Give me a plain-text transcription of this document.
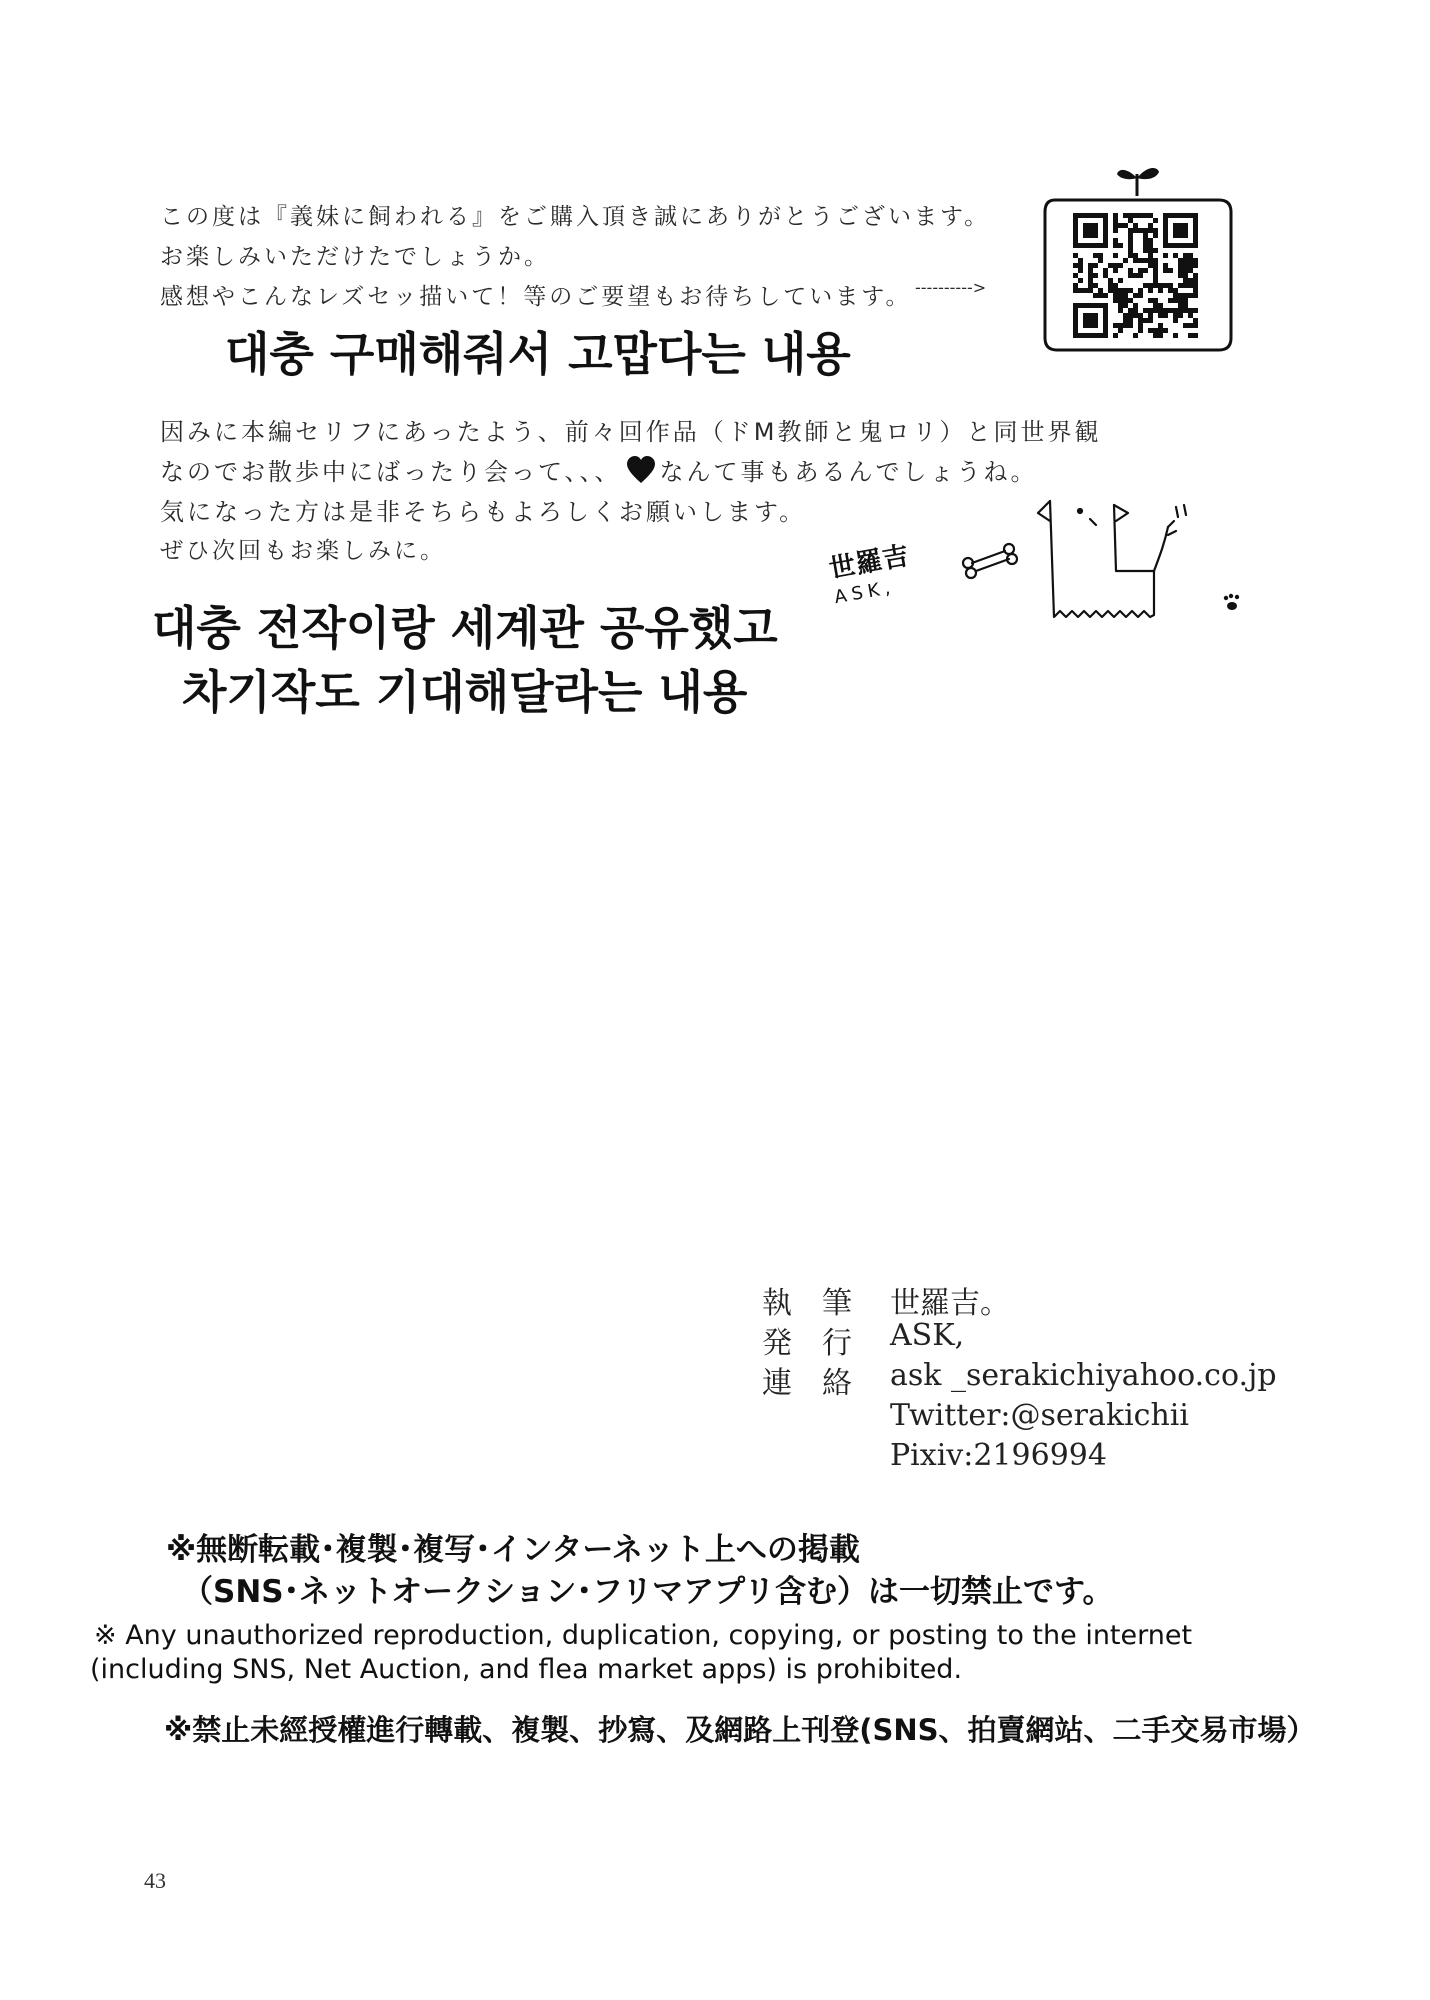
この度は『義妹に飼われる』をご購入頂き誠にありがとうございます。
お楽しみいただけたでしょうか。
感想やこんなレズセッ描いて！等のご要望もお待ちしています。 ---------->
대충 구매해줘서 고맙다는 내용
因みに本編セリフにあったよう、前々回作品（ドM教師と鬼ロリ）と同世界観
なのでお散歩中にばったり会って、、、 なんて事もあるんでしょうね。
気になった方は是非そちらもよろしくお願いします。
ぜひ次回もお楽しみに。	世羅吉
ASK,
대충 전작이랑 세계관 공유했고
차기작도 기대해달라는 내용
執　筆 世羅吉。
発　行 ASK,
連　絡 ask _serakichiyahoo.co.jp
Twitter:@serakichii
Pixiv:2196994
※無断転載･複製･複写･インターネット上への掲載
（SNS･ネットオークション･フリマアプリ含む）は一切禁止です。
※ Any unauthorized reproduction, duplication, copying, or posting to the internet
(including SNS, Net Auction, and flea market apps) is prohibited.
※禁止未經授權進行轉載、複製、抄寫、及網路上刊登(SNS、拍賣網站、二手交易市場）
43
